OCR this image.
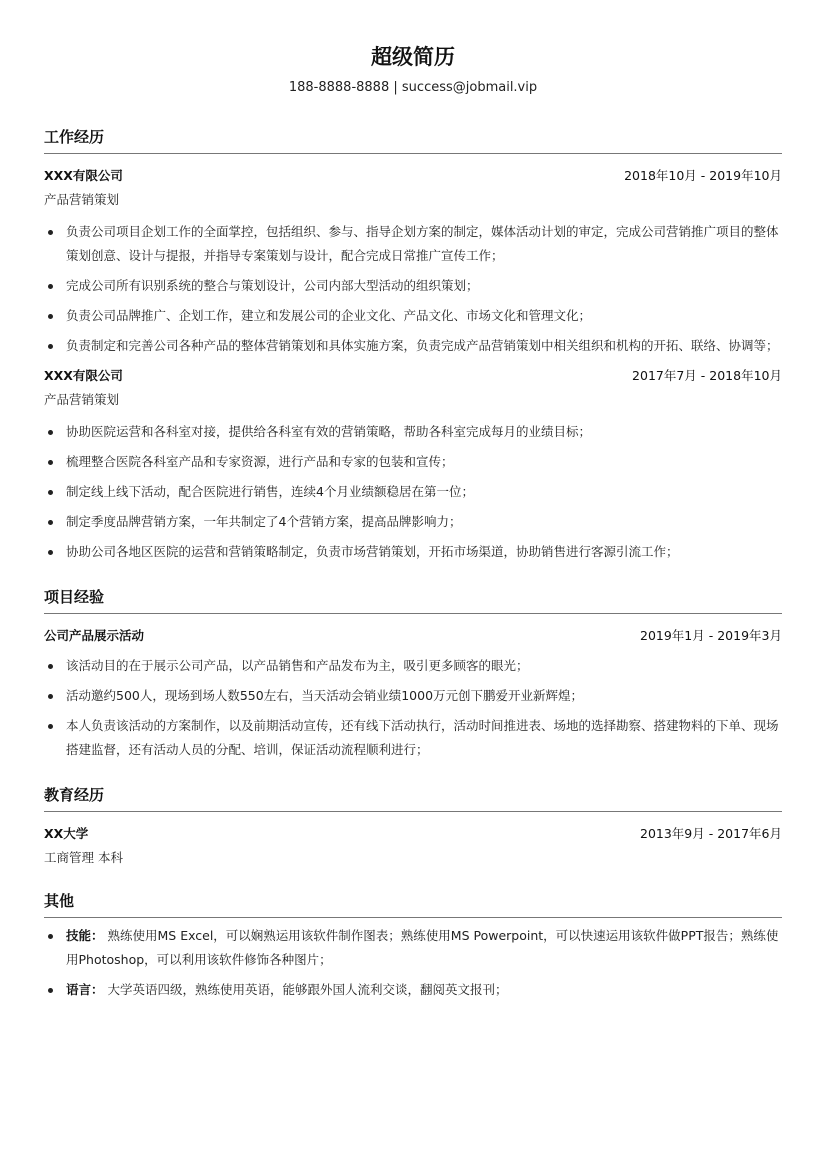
超级简历
188-8888-8888 | success@jobmail.vip
工作经历
XXX有限公司	2018年10月 - 2019年10月
产品营销策划
负责公司项目企划工作的全面掌控，包括组织、参与、指导企划方案的制定，媒体活动计划的审定，完成公司营销推广项目的整体策划创意、设计与提报，并指导专案策划与设计，配合完成日常推广宣传工作；
完成公司所有识别系统的整合与策划设计，公司内部大型活动的组织策划；
负责公司品牌推广、企划工作，建立和发展公司的企业文化、产品文化、市场文化和管理文化；
负责制定和完善公司各种产品的整体营销策划和具体实施方案，负责完成产品营销策划中相关组织和机构的开拓、联络、协调等；
XXX有限公司	2017年7月 - 2018年10月
产品营销策划
协助医院运营和各科室对接，提供给各科室有效的营销策略，帮助各科室完成每月的业绩目标；
梳理整合医院各科室产品和专家资源，进行产品和专家的包装和宣传；
制定线上线下活动，配合医院进行销售，连续4个月业绩额稳居在第一位；
制定季度品牌营销方案，一年共制定了4个营销方案，提高品牌影响力；
协助公司各地区医院的运营和营销策略制定，负责市场营销策划，开拓市场渠道，协助销售进行客源引流工作；
项目经验
公司产品展示活动	2019年1月 - 2019年3月
该活动目的在于展示公司产品，以产品销售和产品发布为主，吸引更多顾客的眼光；
活动邀约500人，现场到场人数550左右，当天活动会销业绩1000万元创下鹏爱开业新辉煌；
本人负责该活动的方案制作，以及前期活动宣传，还有线下活动执行，活动时间推进表、场地的选择勘察、搭建物料的下单、现场搭建监督，还有活动人员的分配、培训，保证活动流程顺利进行；
教育经历
XX大学	2013年9月 - 2017年6月
工商管理 本科
其他
技能： 熟练使用MS Excel，可以娴熟运用该软件制作图表；熟练使用MS Powerpoint，可以快速运用该软件做PPT报告；熟练使用Photoshop，可以利用该软件修饰各种图片；
语言： 大学英语四级，熟练使用英语，能够跟外国人流利交谈，翻阅英文报刊；
